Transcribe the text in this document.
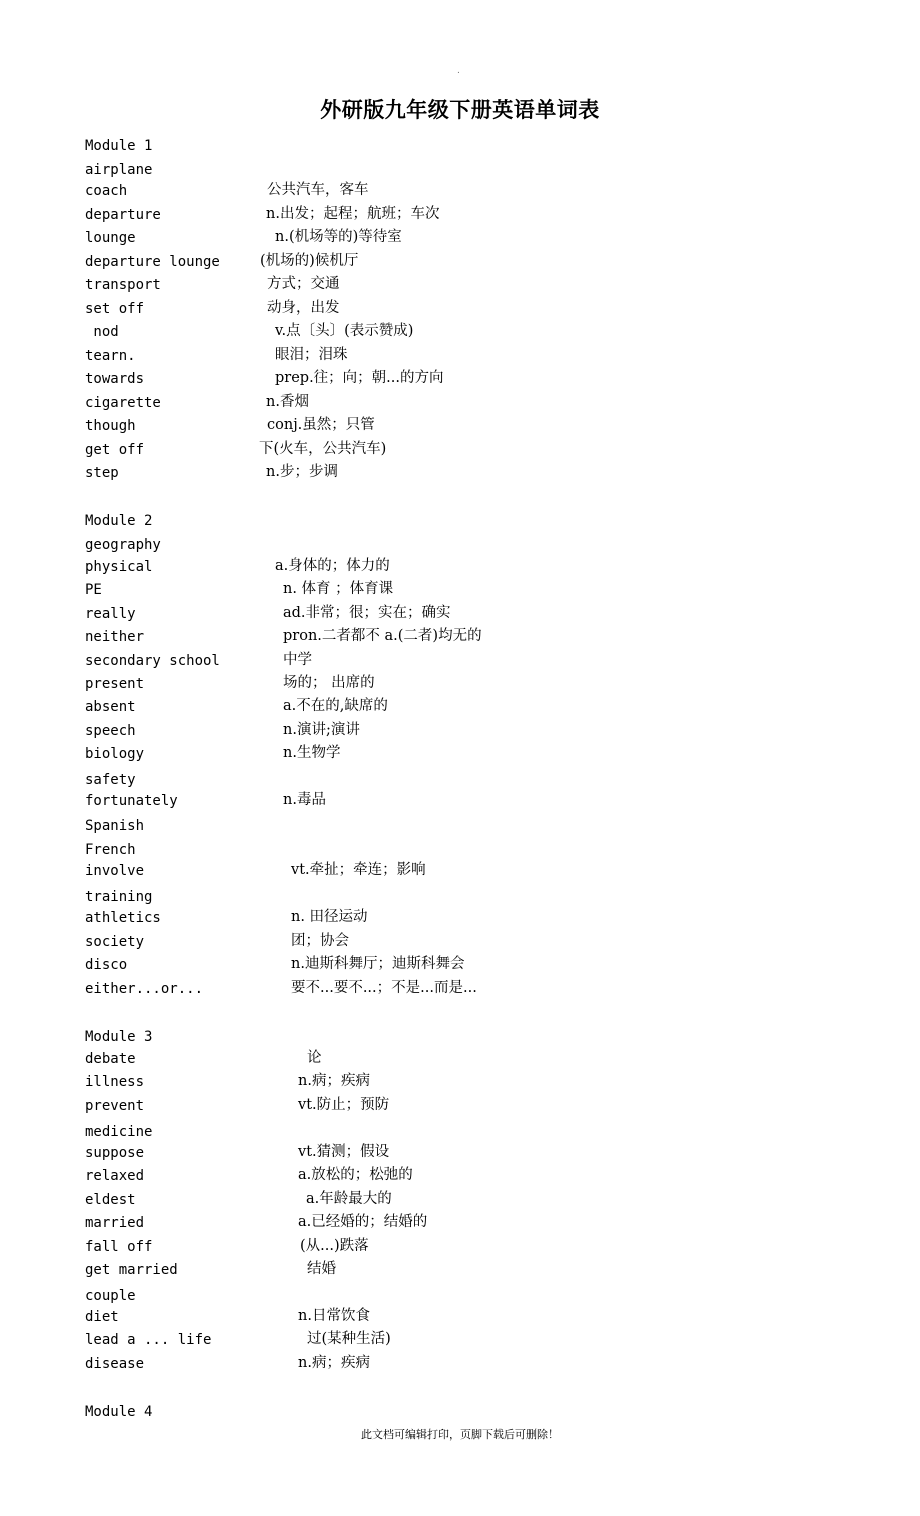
.
外研版九年级下册英语单词表
Module 1
airplane
coach	公共汽车，客车
departure	n.出发；起程；航班；车次
lounge	n.(机场等的)等待室
departure lounge	(机场的)候机厅
transport	方式；交通
set off	动身，出发
nod	v.点〔头〕(表示赞成)
tearn.	眼泪；泪珠
towards	prep.往；向；朝...的方向
cigarette	n.香烟
though	conj.虽然；只管
get off	下(火车，公共汽车)
step	n.步；步调
Module 2
geography
physical	a.身体的；体力的
PE	n. 体育 ；体育课
really	ad.非常；很；实在；确实
neither	pron.二者都不 a.(二者)均无的
secondary school	中学
present	场的； 出席的
absent	a.不在的,缺席的
speech	n.演讲;演讲
biology	n.生物学
safety
fortunately	n.毒品
Spanish
French
involve	vt.牵扯；牵连；影响
training
athletics	n. 田径运动
society	团；协会
disco	n.迪斯科舞厅；迪斯科舞会
either...or...	要不...要不...；不是...而是...
Module 3
debate	论
illness	n.病；疾病
prevent	vt.防止；预防
medicine
suppose	vt.猜测；假设
relaxed	a.放松的；松弛的
eldest	a.年龄最大的
married	a.已经婚的；结婚的
fall off	(从...)跌落
get married	结婚
couple
diet	n.日常饮食
lead a ... life	过(某种生活)
disease	n.病；疾病
Module 4
此文档可编辑打印，页脚下载后可删除！
